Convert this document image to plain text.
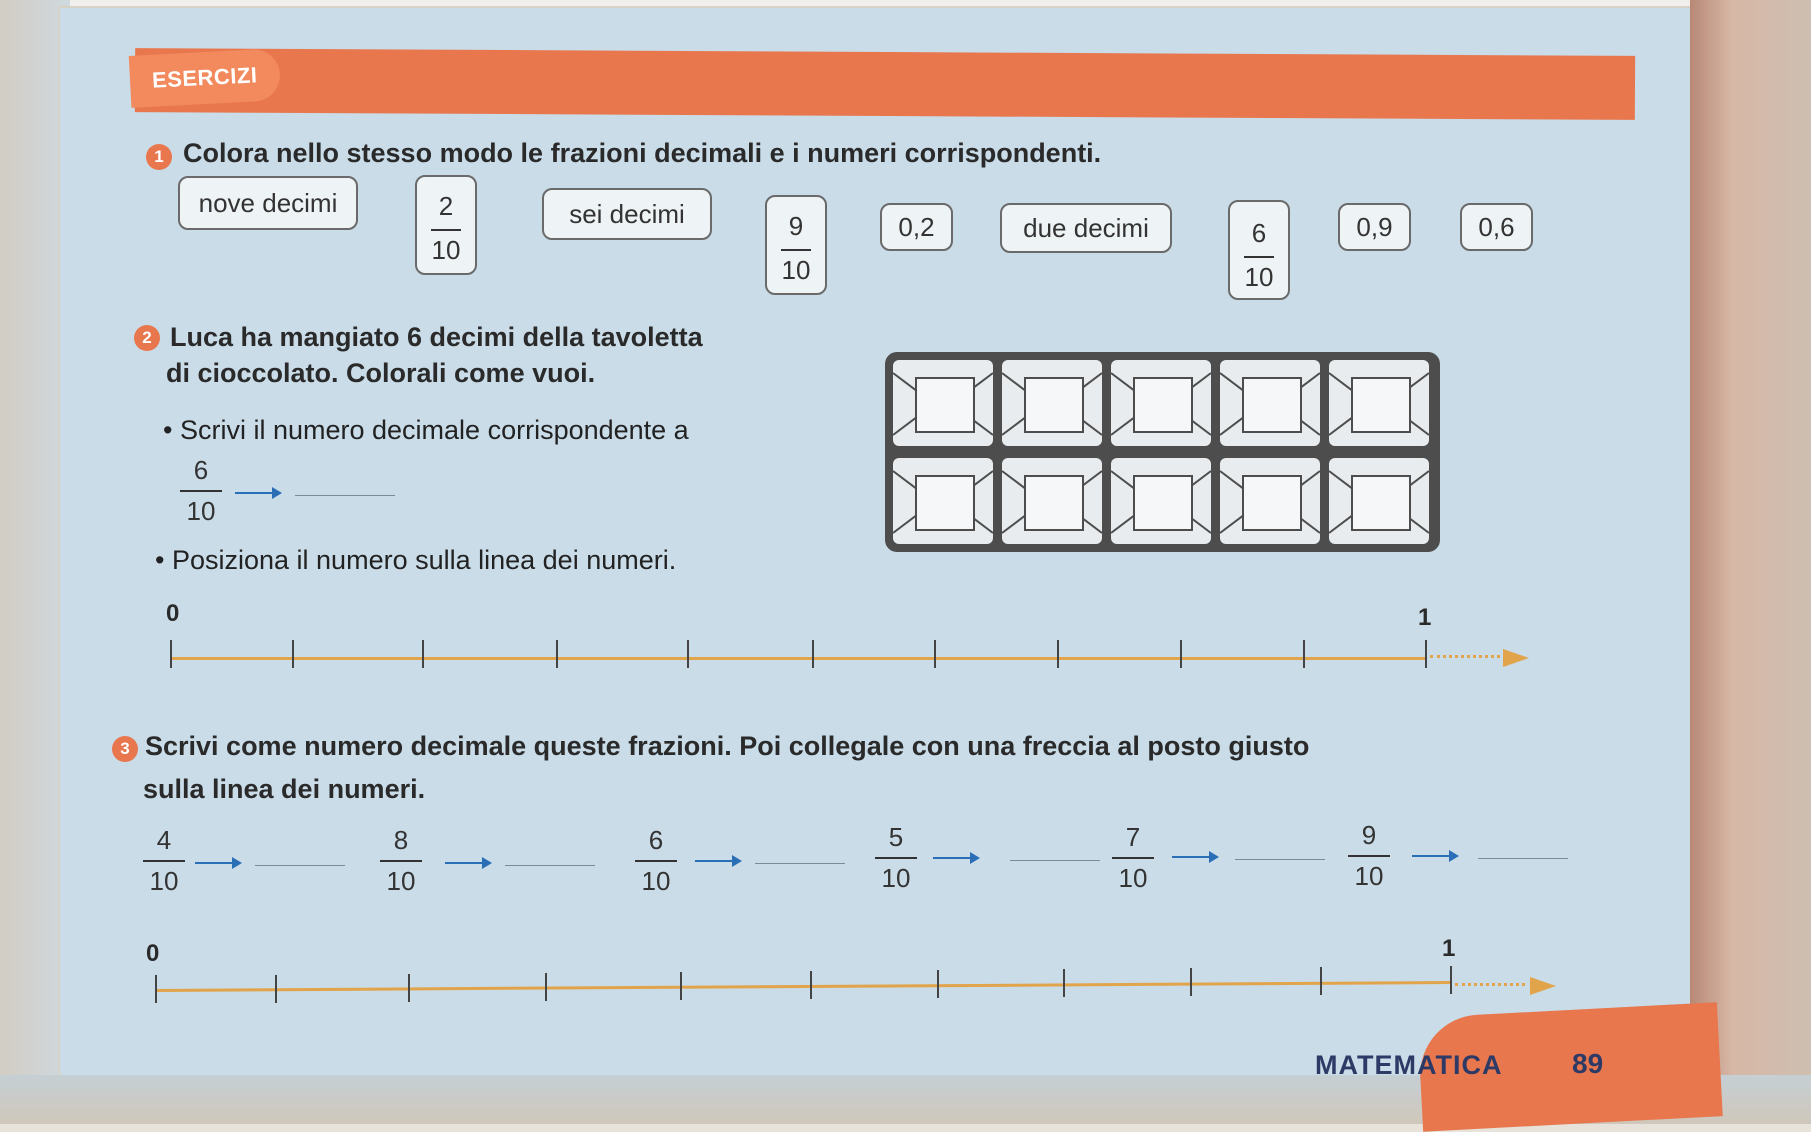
ESERCIZI
1 Colora nello stesso modo le frazioni decimali e i numeri corrispondenti.
nove decimi	2
10
sei decimi	9
10
0,2	due decimi	6
10
0,9	0,6
2 Luca ha mangiato 6 decimi della tavoletta
di cioccolato. Colorali come vuoi.
• Scrivi il numero decimale corrispondente a
6
10
• Posiziona il numero sulla linea dei numeri.
0	1
3 Scrivi come numero decimale queste frazioni. Poi collegale con una freccia al posto giusto
sulla linea dei numeri.
4
10
8
10
6
10
5
10
7
10
9
10
0	1
MATEMATICA 89
